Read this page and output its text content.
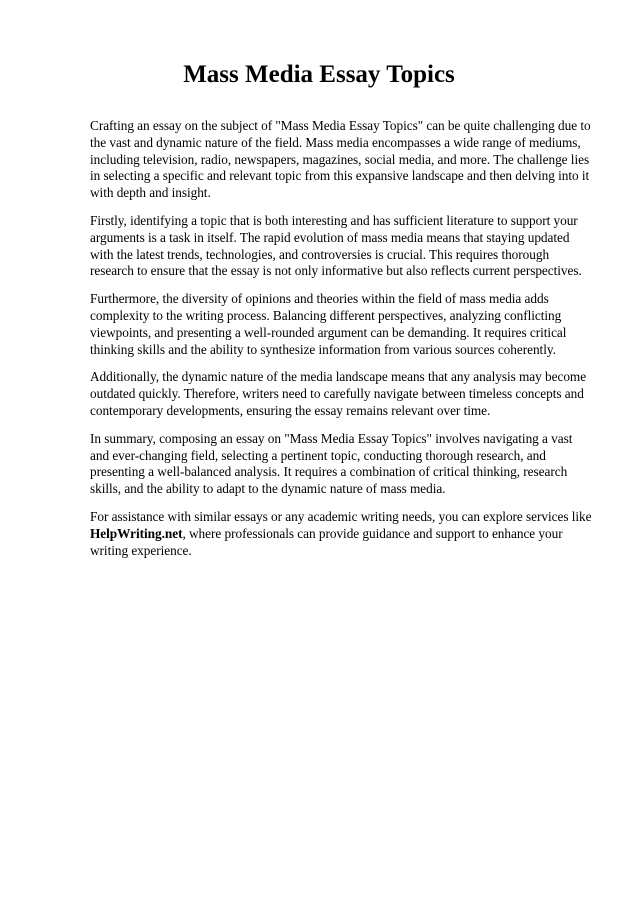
Mass Media Essay Topics

Crafting an essay on the subject of "Mass Media Essay Topics" can be quite challenging due to the vast and dynamic nature of the field. Mass media encompasses a wide range of mediums, including television, radio, newspapers, magazines, social media, and more. The challenge lies in selecting a specific and relevant topic from this expansive landscape and then delving into it with depth and insight.

Firstly, identifying a topic that is both interesting and has sufficient literature to support your arguments is a task in itself. The rapid evolution of mass media means that staying updated with the latest trends, technologies, and controversies is crucial. This requires thorough research to ensure that the essay is not only informative but also reflects current perspectives.

Furthermore, the diversity of opinions and theories within the field of mass media adds complexity to the writing process. Balancing different perspectives, analyzing conflicting viewpoints, and presenting a well-rounded argument can be demanding. It requires critical thinking skills and the ability to synthesize information from various sources coherently.

Additionally, the dynamic nature of the media landscape means that any analysis may become outdated quickly. Therefore, writers need to carefully navigate between timeless concepts and contemporary developments, ensuring the essay remains relevant over time.

In summary, composing an essay on "Mass Media Essay Topics" involves navigating a vast and ever-changing field, selecting a pertinent topic, conducting thorough research, and presenting a well-balanced analysis. It requires a combination of critical thinking, research skills, and the ability to adapt to the dynamic nature of mass media.

For assistance with similar essays or any academic writing needs, you can explore services like HelpWriting.net, where professionals can provide guidance and support to enhance your writing experience.
